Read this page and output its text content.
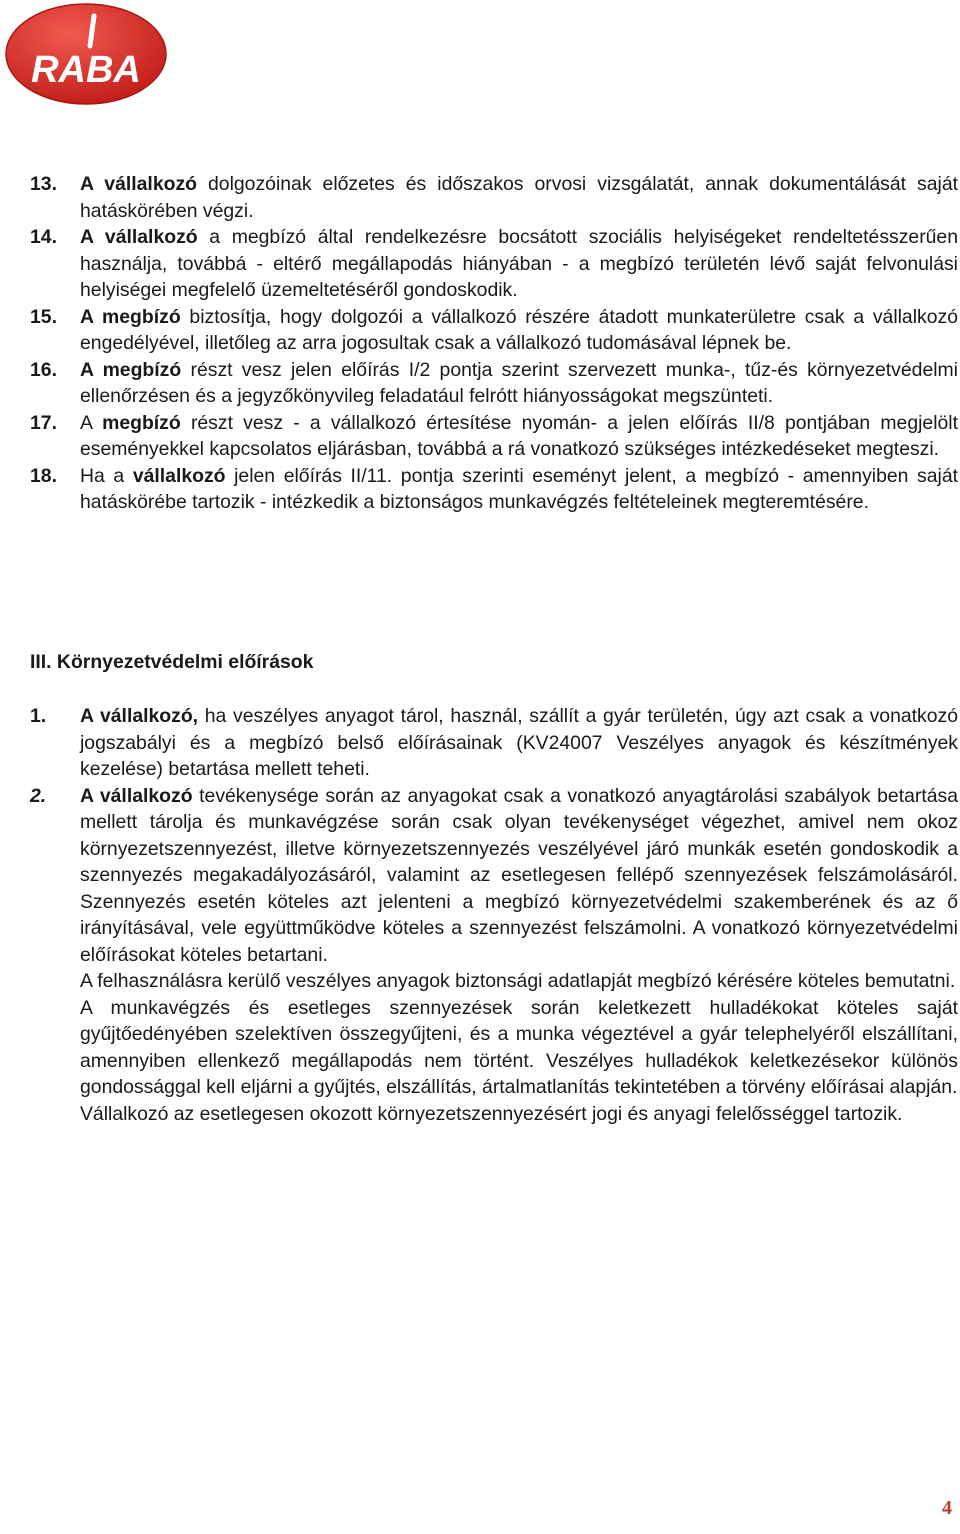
RABA
13. A vállalkozó dolgozóinak előzetes és időszakos orvosi vizsgálatát, annak dokumentálását saját hatáskörében végzi.
14. A vállalkozó a megbízó által rendelkezésre bocsátott szociális helyiségeket rendeltetésszerűen használja, továbbá - eltérő megállapodás hiányában - a megbízó területén lévő saját felvonulási helyiségei megfelelő üzemeltetéséről gondoskodik.
15. A megbízó biztosítja, hogy dolgozói a vállalkozó részére átadott munkaterületre csak a vállalkozó engedélyével, illetőleg az arra jogosultak csak a vállalkozó tudomásával lépnek be.
16. A megbízó részt vesz jelen előírás I/2 pontja szerint szervezett munka-, tűz-és környezetvédelmi ellenőrzésen és a jegyzőkönyvileg feladatául felrótt hiányosságokat megszünteti.
17. A megbízó részt vesz - a vállalkozó értesítése nyomán- a jelen előírás II/8 pontjában megjelölt eseményekkel kapcsolatos eljárásban, továbbá a rá vonatkozó szükséges intézkedéseket megteszi.
18. Ha a vállalkozó jelen előírás II/11. pontja szerinti eseményt jelent, a megbízó - amennyiben saját hatáskörébe tartozik - intézkedik a biztonságos munkavégzés feltételeinek megteremtésére.
III. Környezetvédelmi előírások
1. A vállalkozó, ha veszélyes anyagot tárol, használ, szállít a gyár területén, úgy azt csak a vonatkozó jogszabályi és a megbízó belső előírásainak (KV24007 Veszélyes anyagok és készítmények kezelése) betartása mellett teheti.
2. A vállalkozó tevékenysége során az anyagokat csak a vonatkozó anyagtárolási szabályok betartása mellett tárolja és munkavégzése során csak olyan tevékenységet végezhet, amivel nem okoz környezetszennyezést, illetve környezetszennyezés veszélyével járó munkák esetén gondoskodik a szennyezés megakadályozásáról, valamint az esetlegesen fellépő szennyezések felszámolásáról. Szennyezés esetén köteles azt jelenteni a megbízó környezetvédelmi szakemberének és az ő irányításával, vele együttműködve köteles a szennyezést felszámolni. A vonatkozó környezetvédelmi előírásokat köteles betartani.
A felhasználásra kerülő veszélyes anyagok biztonsági adatlapját megbízó kérésére köteles bemutatni.
A munkavégzés és esetleges szennyezések során keletkezett hulladékokat köteles saját gyűjtőedényében szelektíven összegyűjteni, és a munka végeztével a gyár telephelyéről elszállítani, amennyiben ellenkező megállapodás nem történt. Veszélyes hulladékok keletkezésekor különös gondossággal kell eljárni a gyűjtés, elszállítás, ártalmatlanítás tekintetében a törvény előírásai alapján.
Vállalkozó az esetlegesen okozott környezetszennyezésért jogi és anyagi felelősséggel tartozik.
4
